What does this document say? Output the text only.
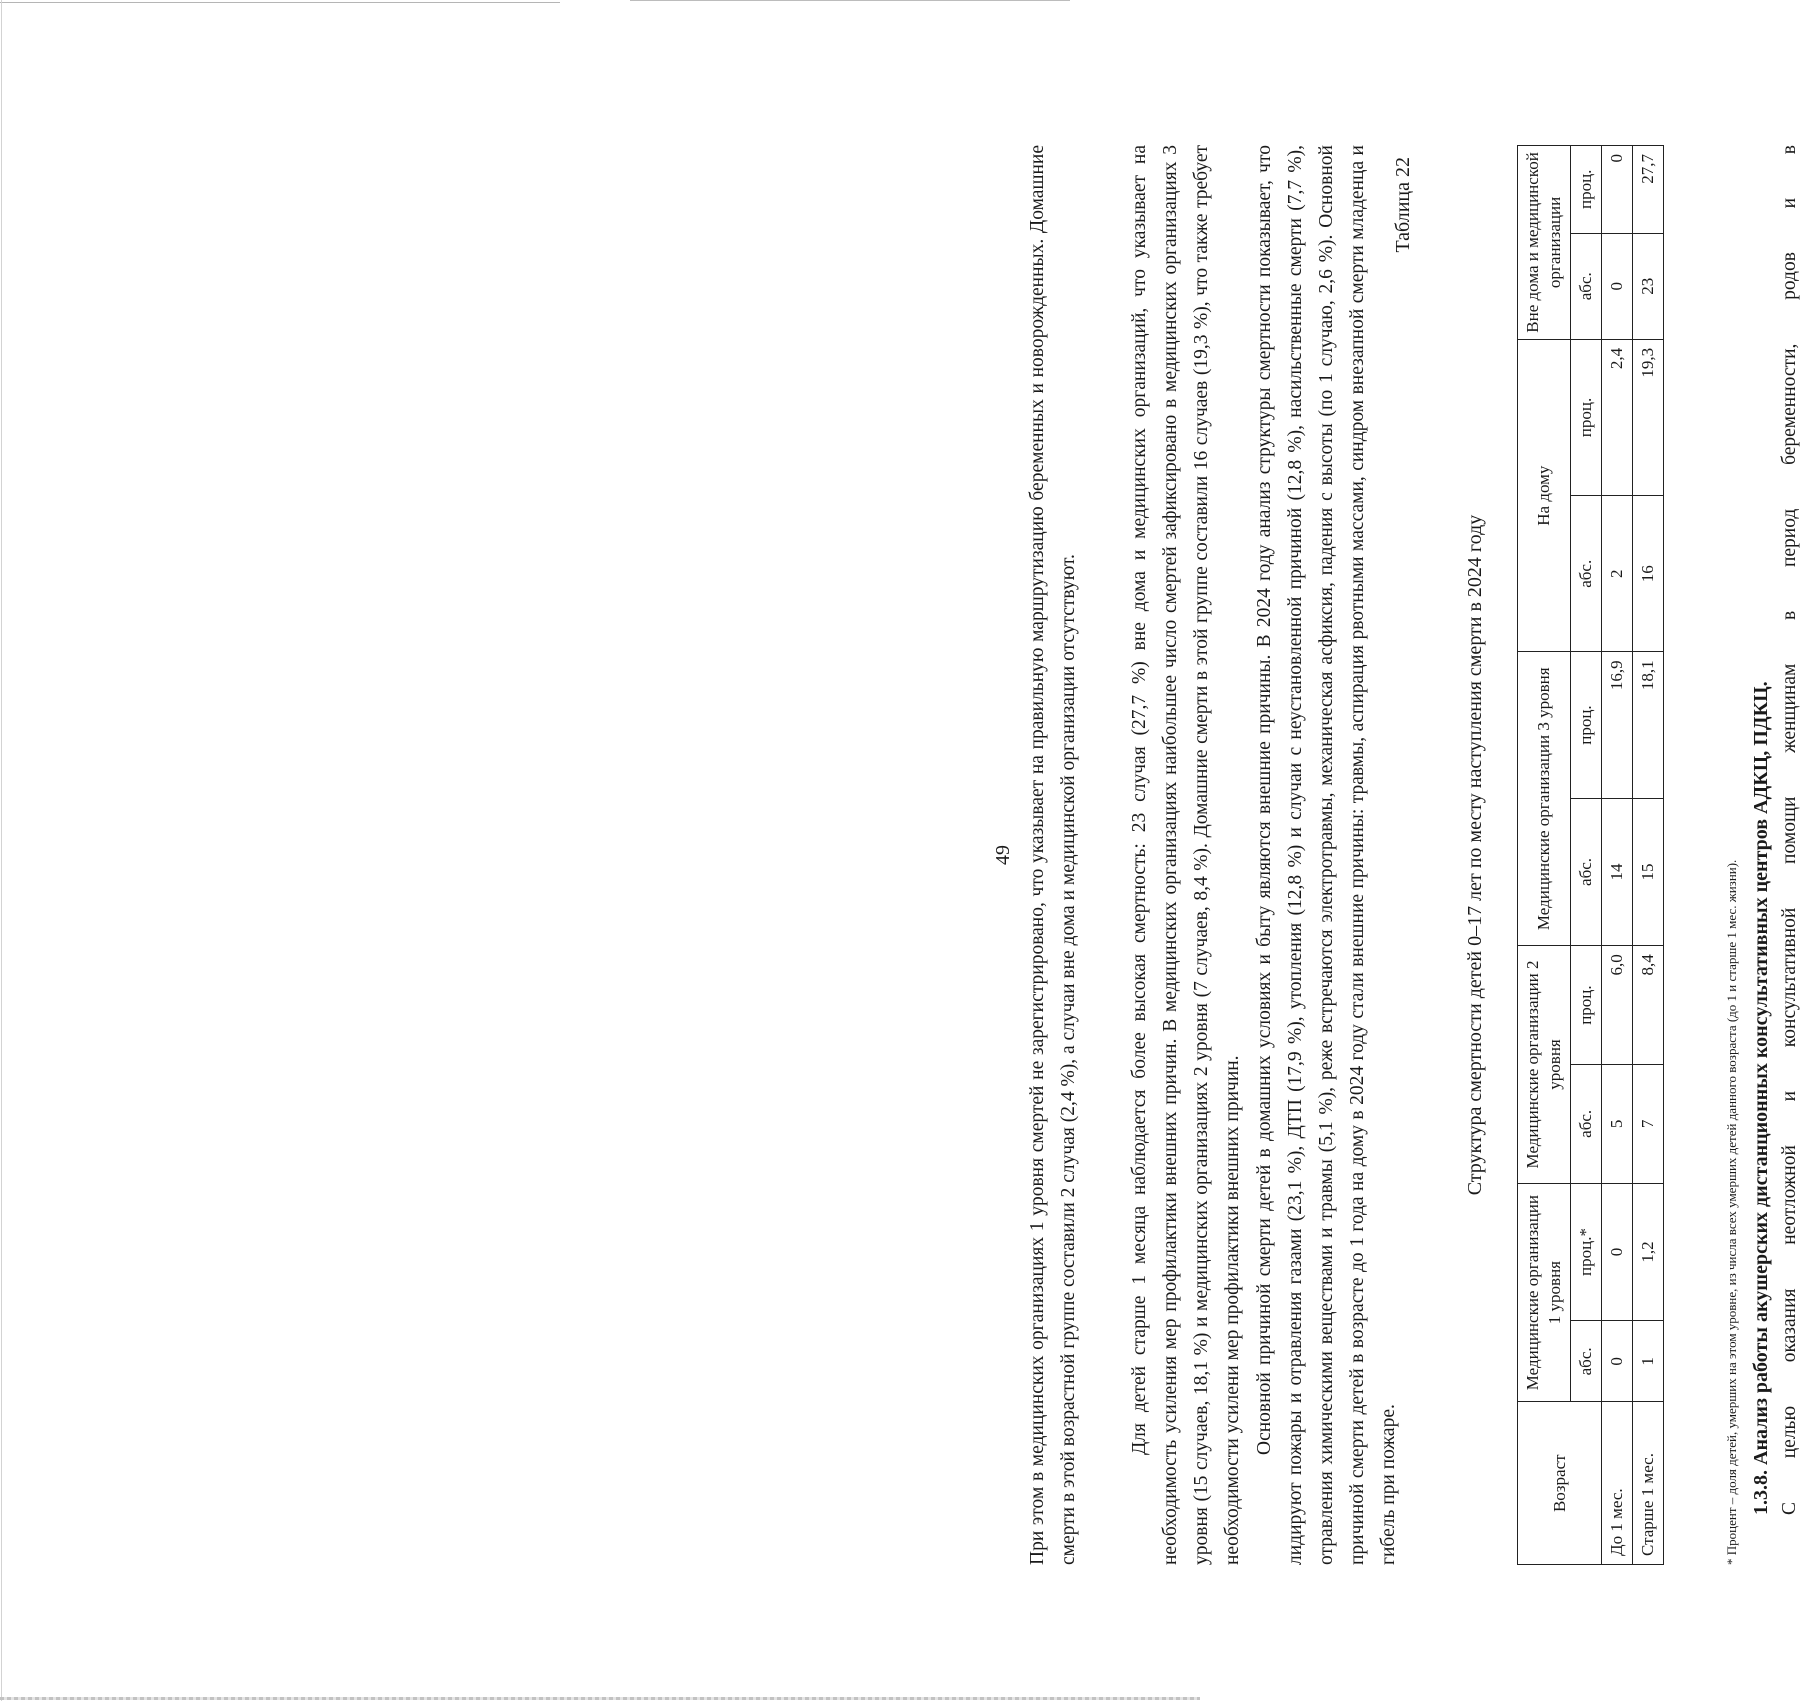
49 При этом в медицинских организациях 1 уровня смертей не зарегистрировано, что указывает на правильную маршрутизацию беременных и новорожденных. Домашние смерти в этой возрастной группе составили 2 случая (2,4 %), а случаи вне дома и медицинской организации отсутствуют.	Для детей старше 1 месяца наблюдается более высокая смертность: 23 случая (27,7 %) вне дома и медицинских организаций, что указывает на необходимость усиления мер профилактики внешних причин. В медицинских организациях наибольшее число смертей зафиксировано в медицинских организациях 3 уровня (15 случаев, 18,1 %) и медицинских организациях 2 уровня (7 случаев, 8,4 %). Домашние смерти в этой группе составили 16 случаев (19,3 %), что также требует необходимости усилени мер профилактики внешних причин. Основной причиной смерти детей в домашних условиях и быту являются внешние причины. В 2024 году анализ структуры смертности показывает, что лидируют пожары и отравления газами (23,1 %), ДТП (17,9 %), утопления (12,8 %) и случаи с неустановленной причиной (12,8 %), насильственные смерти (7,7 %), отравления химическими веществами и травмы (5,1 %), реже встречаются электротравмы, механическая асфиксия, падения с высоты (по 1 случаю, 2,6 %). Основной причиной смерти детей в возрасте до 1 года на дому в 2024 году стали внешние причины: травмы, аспирация рвотными массами, синдром внезапной смерти младенца и гибель при пожаре.

Таблица 22
Структура смертности детей 0–17 лет по месту наступления смерти в 2024 году
Возраст	Медицинские организации 1 уровня		Медицинские организации 2 уровня		Медицинские организации 3 уровня		На дому		Вне дома и медицинской организации	
	абс.	проц.*	абс.	проц.	абс.	проц.	абс.	проц.	абс.	проц.
До 1 мес.	0	0	5	6,0	14	16,9	2	2,4	0	0
Старше 1 мес.	1	1,2	7	8,4	15	18,1	16	19,3	23	27,7
* Процент – доля детей, умерших на этом уровне, из числа всех умерших детей данного возраста (до 1 и старше 1 мес. жизни). 1.3.8. Анализ работы акушерских дистанционных консультативных центров АДКЦ, ПДКЦ. С целью оказания неотложной и консультативной помощи женщинам в период беременности, родов и в
